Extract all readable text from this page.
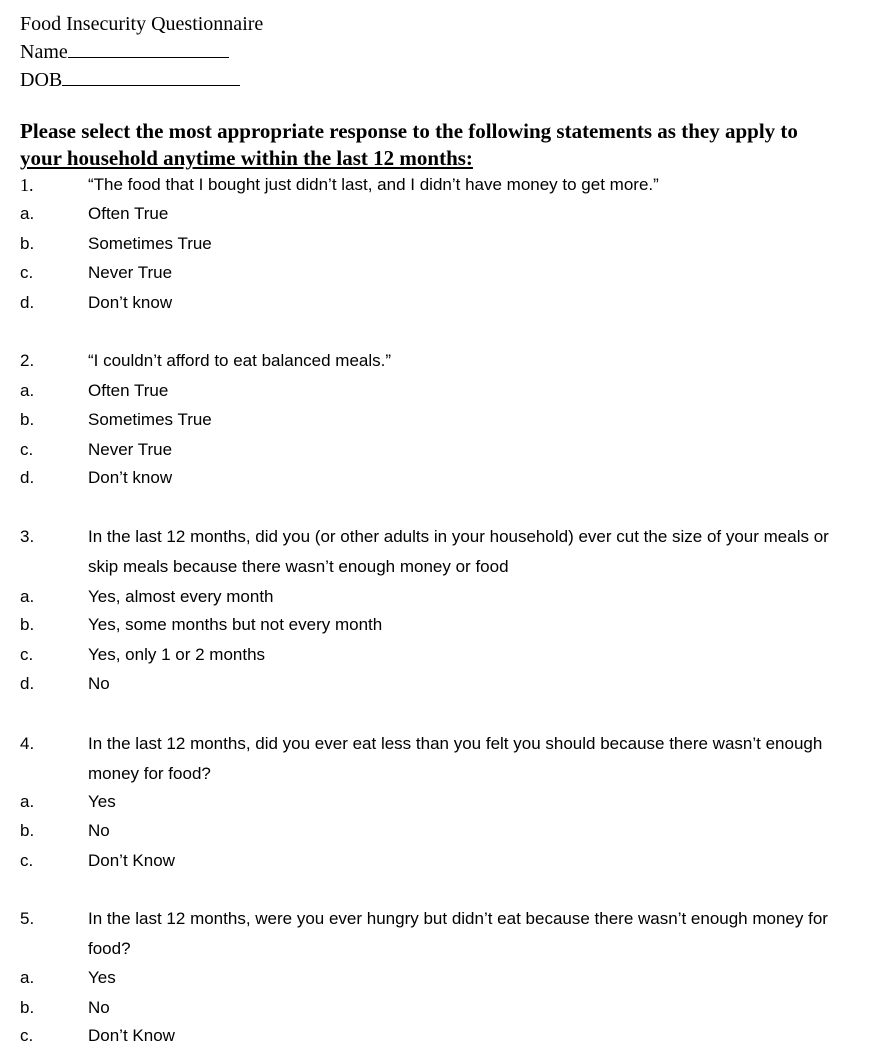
Food Insecurity Questionnaire
Name
DOB
Please select the most appropriate response to the following statements as they apply to your household anytime within the last 12 months:
1.	“The food that I bought just didn’t last, and I didn’t have money to get more.”
a.	Often True
b.	Sometimes True
c.	Never True
d.	Don’t know
2.	“I couldn’t afford to eat balanced meals.”
a.	Often True
b.	Sometimes True
c.	Never True
d.	Don’t know
3.	In the last 12 months, did you (or other adults in your household) ever cut the size of your meals or skip meals because there wasn’t enough money or food
a.	Yes, almost every month
b.	Yes, some months but not every month
c.	Yes, only 1 or 2 months
d.	No
4.	In the last 12 months, did you ever eat less than you felt you should because there wasn’t enough money for food?
a.	Yes
b.	No
c.	Don’t Know
5.	In the last 12 months, were you ever hungry but didn’t eat because there wasn’t enough money for food?
a.	Yes
b.	No
c.	Don’t Know
